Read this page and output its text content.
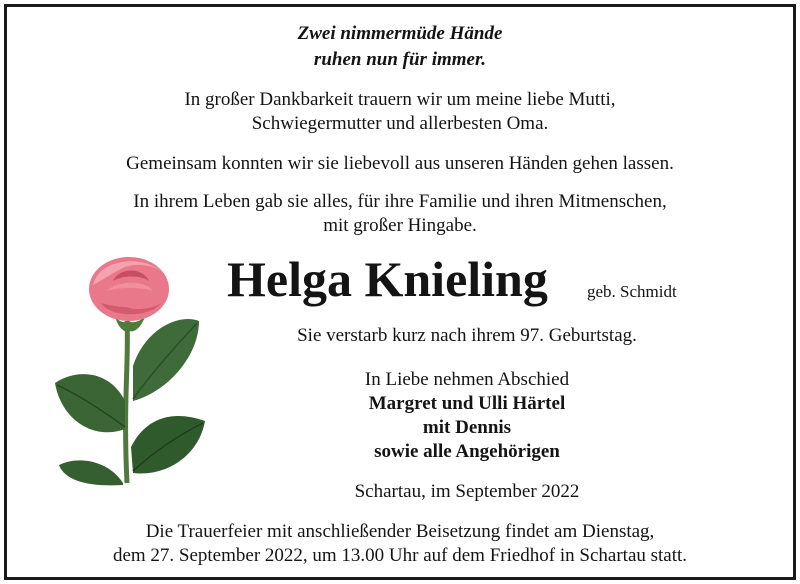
Zwei nimmermüde Hände
ruhen nun für immer.
In großer Dankbarkeit trauern wir um meine liebe Mutti,
Schwiegermutter und allerbesten Oma.
Gemeinsam konnten wir sie liebevoll aus unseren Händen gehen lassen.
In ihrem Leben gab sie alles, für ihre Familie und ihren Mitmenschen,
mit großer Hingabe.
Helga Knieling geb. Schmidt
Sie verstarb kurz nach ihrem 97. Geburtstag.
In Liebe nehmen Abschied
Margret und Ulli Härtel
mit Dennis
sowie alle Angehörigen
Schartau, im September 2022
Die Trauerfeier mit anschließender Beisetzung findet am Dienstag,
dem 27. September 2022, um 13.00 Uhr auf dem Friedhof in Schartau statt.
